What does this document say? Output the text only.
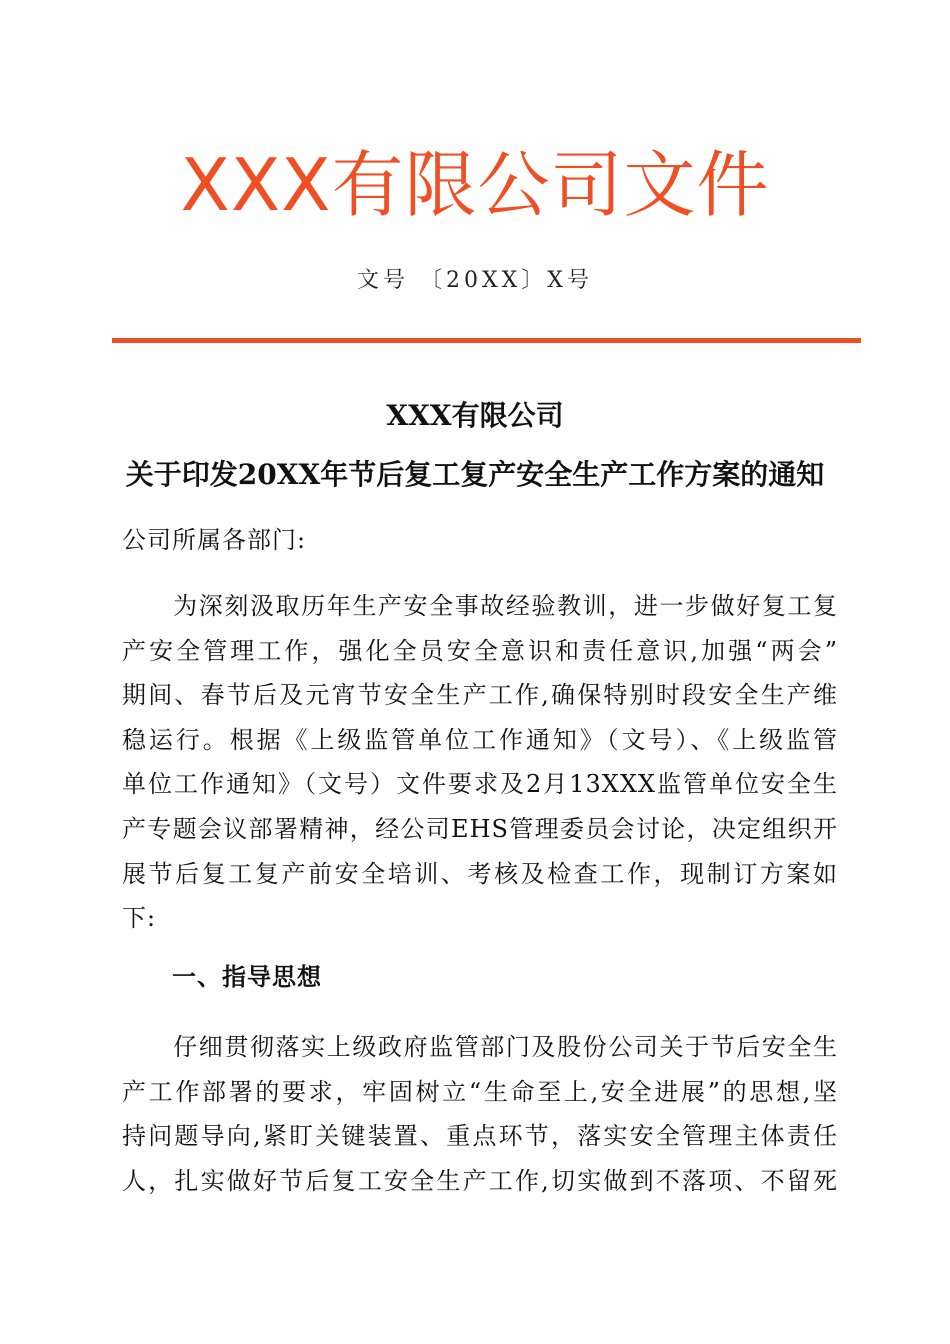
XXX有限公司文件
文号 〔20XX〕X号
XXX有限公司
关于印发20XX年节后复工复产安全生产工作方案的通知
公司所属各部门:
　　为深刻汲取历年生产安全事故经验教训，进一步做好复工复
产安全管理工作，强化全员安全意识和责任意识,加强“两会”
期间、春节后及元宵节安全生产工作,确保特别时段安全生产维
稳运行。根据《上级监管单位工作通知》（文号）、《上级监管
单位工作通知》（文号）文件要求及2月13XXX监管单位安全生
产专题会议部署精神，经公司EHS管理委员会讨论，决定组织开
展节后复工复产前安全培训、考核及检查工作，现制订方案如
下:
一、指导思想
　　仔细贯彻落实上级政府监管部门及股份公司关于节后安全生
产工作部署的要求，牢固树立“生命至上,安全进展”的思想,坚
持问题导向,紧盯关键装置、重点环节，落实安全管理主体责任
人，扎实做好节后复工安全生产工作,切实做到不落项、不留死
